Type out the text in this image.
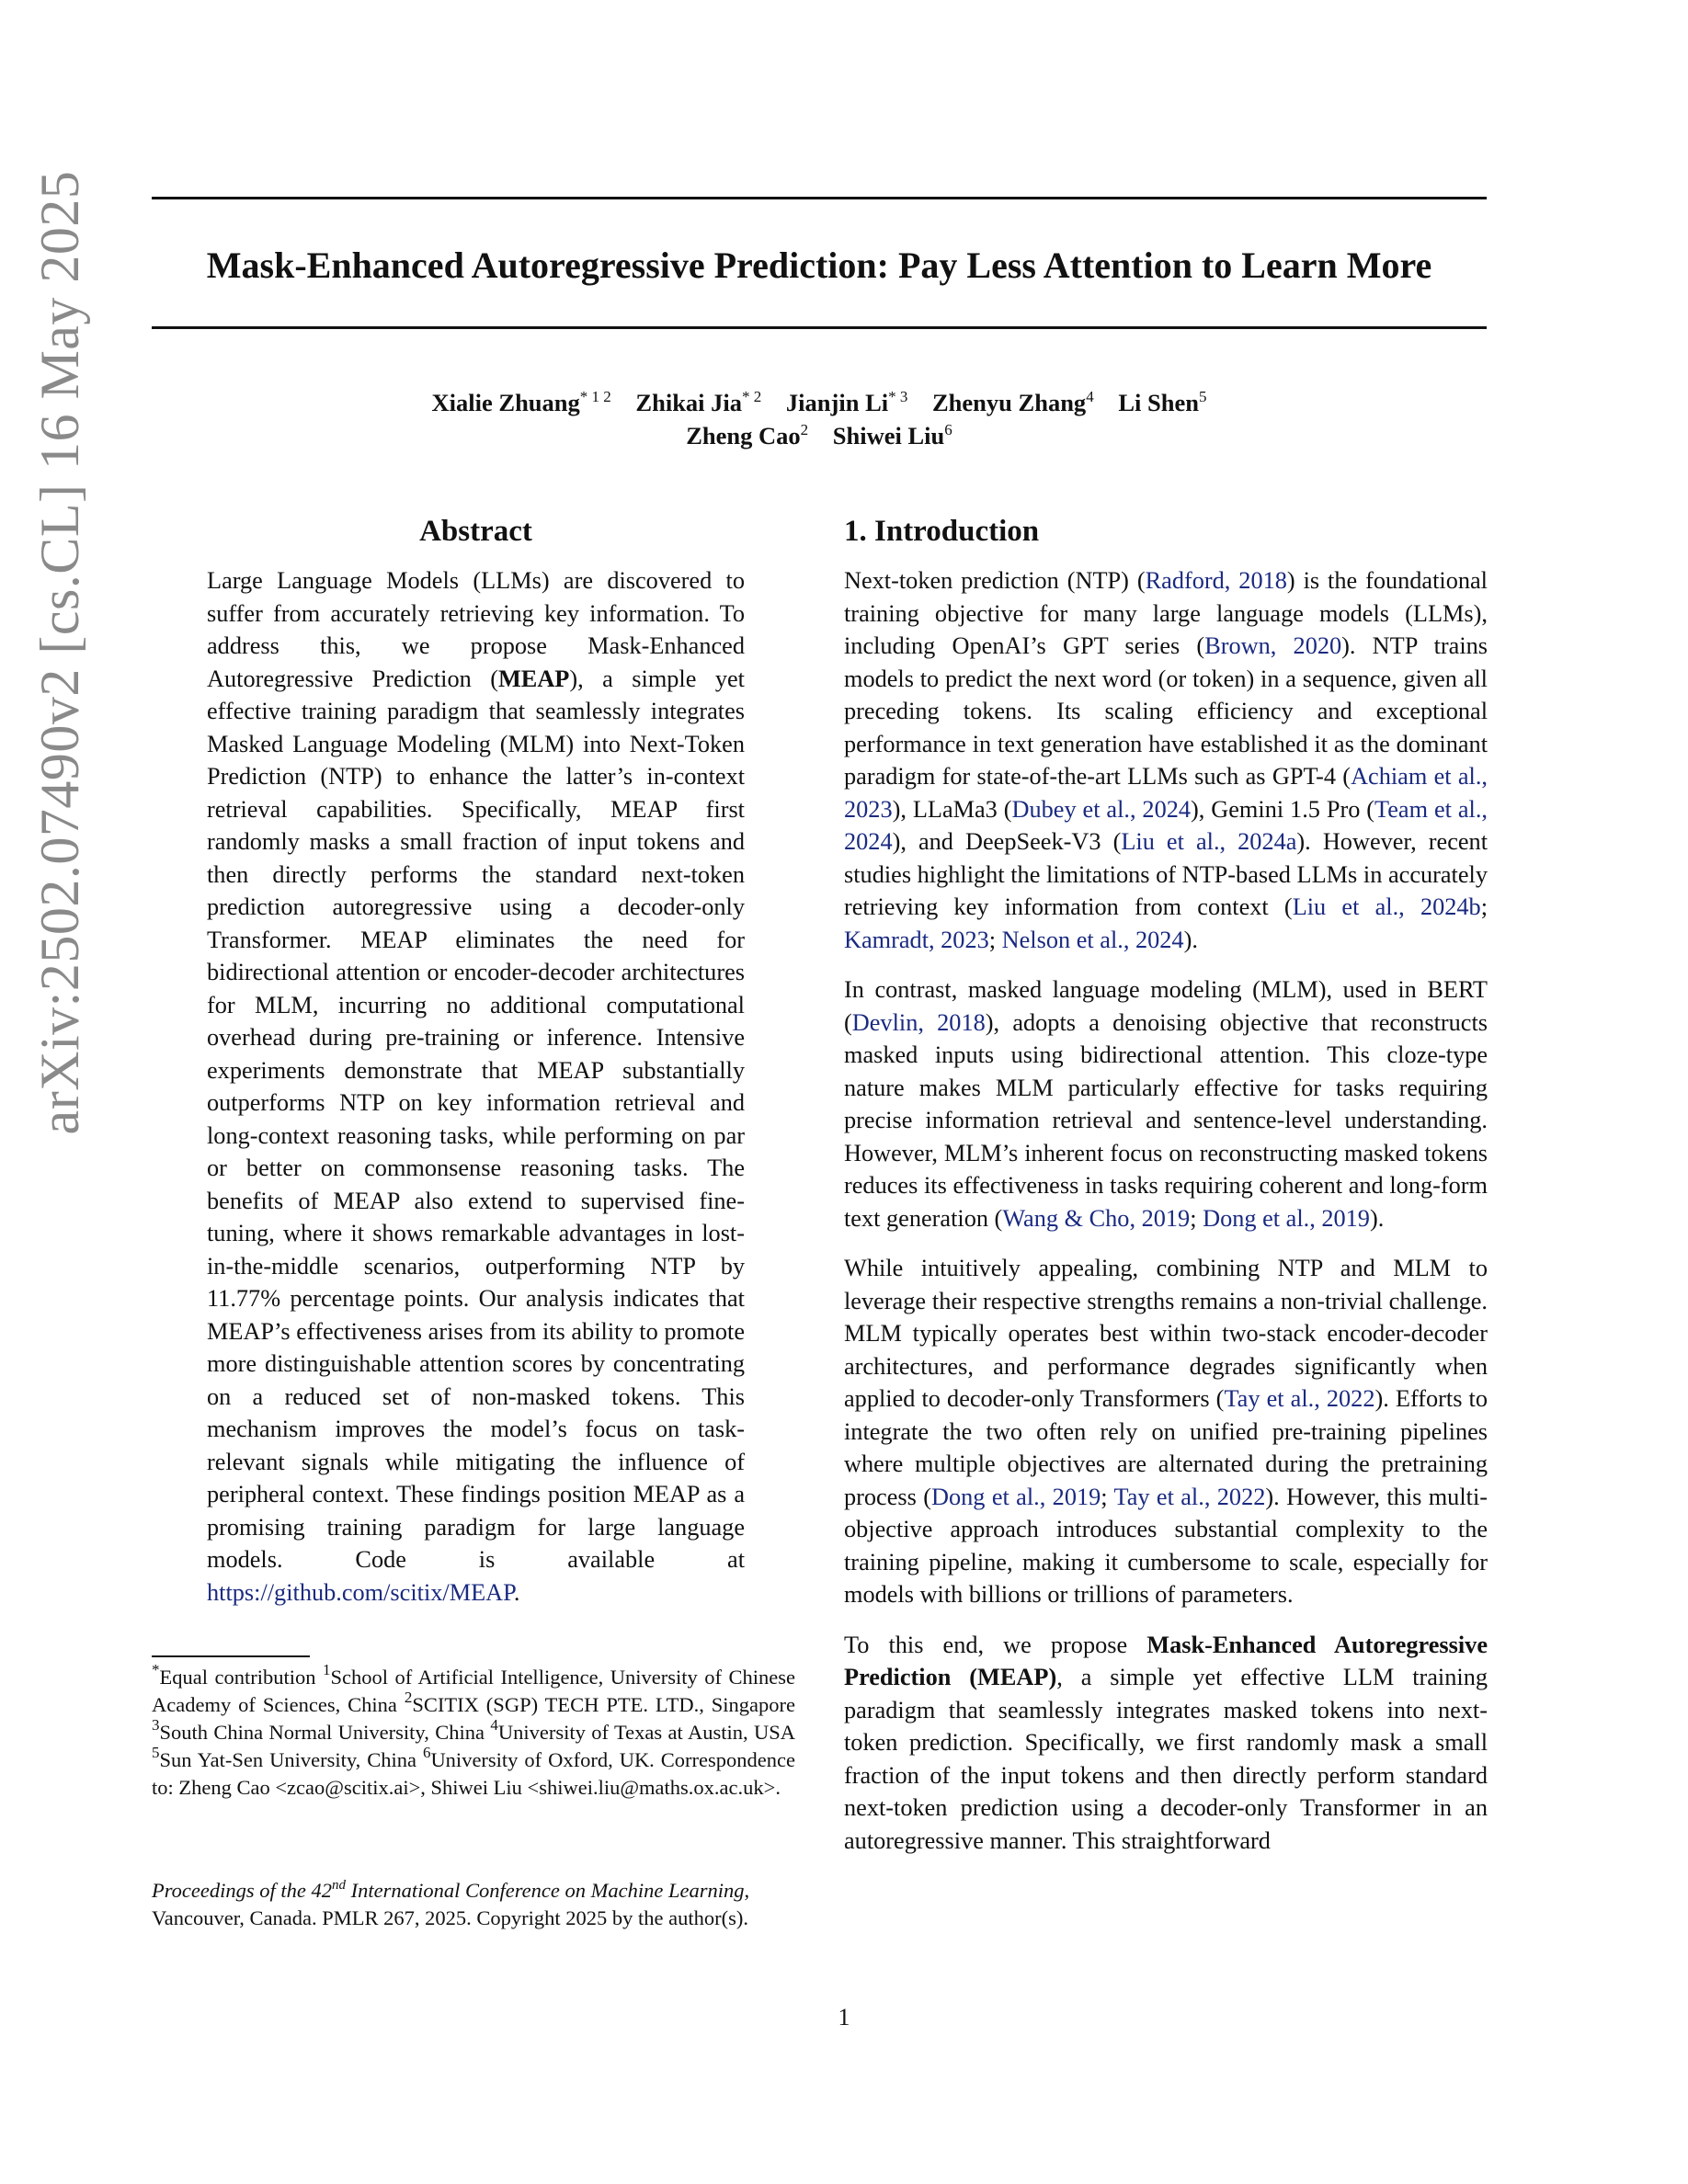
arXiv:2502.07490v2 [cs.CL] 16 May 2025	Mask-Enhanced Autoregressive Prediction: Pay Less Attention to Learn More
Xialie Zhuang$^{* 1 2}$ Zhikai Jia$^{* 2}$ Jianjin Li$^{* 3}$ Zhenyu Zhang$^4$ Li Shen$^5$
Zheng Cao$^2$ Shiwei Liu$^6$
Abstract

Large Language Models (LLMs) are discovered to suffer from accurately retrieving key information. To address this, we propose Mask-Enhanced Autoregressive Prediction (MEAP), a simple yet effective training paradigm that seamlessly integrates Masked Language Modeling (MLM) into Next-Token Prediction (NTP) to enhance the latter’s in-context retrieval capabilities. Specifically, MEAP first randomly masks a small fraction of input tokens and then directly performs the standard next-token prediction autoregressive using a decoder-only Transformer. MEAP eliminates the need for bidirectional attention or encoder-decoder architectures for MLM, incurring no additional computational overhead during pre-training or inference. Intensive experiments demonstrate that MEAP substantially outperforms NTP on key information retrieval and long-context reasoning tasks, while performing on par or better on commonsense reasoning tasks. The benefits of MEAP also extend to supervised fine-tuning, where it shows remarkable advantages in lost-in-the-middle scenarios, outperforming NTP by 11.77% percentage points. Our analysis indicates that MEAP’s effectiveness arises from its ability to promote more distinguishable attention scores by concentrating on a reduced set of non-masked tokens. This mechanism improves the model’s focus on task-relevant signals while mitigating the influence of peripheral context. These findings position MEAP as a promising training paradigm for large language models. Code is available at https://github.com/scitix/MEAP.

*Equal contribution $^1$School of Artificial Intelligence, University of Chinese Academy of Sciences, China $^2$SCITIX (SGP) TECH PTE. LTD., Singapore $^3$South China Normal University, China $^4$University of Texas at Austin, USA $^5$Sun Yat-Sen University, China $^6$University of Oxford, UK. Correspondence to: Zheng Cao <zcao@scitix.ai>, Shiwei Liu <shiwei.liu@maths.ox.ac.uk>.

Proceedings of the 42nd International Conference on Machine Learning, Vancouver, Canada. PMLR 267, 2025. Copyright 2025 by the author(s).

1. Introduction

Next-token prediction (NTP) (Radford, 2018) is the foundational training objective for many large language models (LLMs), including OpenAI’s GPT series (Brown, 2020). NTP trains models to predict the next word (or token) in a sequence, given all preceding tokens. Its scaling efficiency and exceptional performance in text generation have established it as the dominant paradigm for state-of-the-art LLMs such as GPT-4 (Achiam et al., 2023), LLaMa3 (Dubey et al., 2024), Gemini 1.5 Pro (Team et al., 2024), and DeepSeek-V3 (Liu et al., 2024a). However, recent studies highlight the limitations of NTP-based LLMs in accurately retrieving key information from context (Liu et al., 2024b; Kamradt, 2023; Nelson et al., 2024).

In contrast, masked language modeling (MLM), used in BERT (Devlin, 2018), adopts a denoising objective that reconstructs masked inputs using bidirectional attention. This cloze-type nature makes MLM particularly effective for tasks requiring precise information retrieval and sentence-level understanding. However, MLM’s inherent focus on reconstructing masked tokens reduces its effectiveness in tasks requiring coherent and long-form text generation (Wang & Cho, 2019; Dong et al., 2019).

While intuitively appealing, combining NTP and MLM to leverage their respective strengths remains a non-trivial challenge. MLM typically operates best within two-stack encoder-decoder architectures, and performance degrades significantly when applied to decoder-only Transformers (Tay et al., 2022). Efforts to integrate the two often rely on unified pre-training pipelines where multiple objectives are alternated during the pretraining process (Dong et al., 2019; Tay et al., 2022). However, this multi-objective approach introduces substantial complexity to the training pipeline, making it cumbersome to scale, especially for models with billions or trillions of parameters.

To this end, we propose Mask-Enhanced Autoregressive Prediction (MEAP), a simple yet effective LLM training paradigm that seamlessly integrates masked tokens into next-token prediction. Specifically, we first randomly mask a small fraction of the input tokens and then directly perform standard next-token prediction using a decoder-only Transformer in an autoregressive manner. This straightforward

1
